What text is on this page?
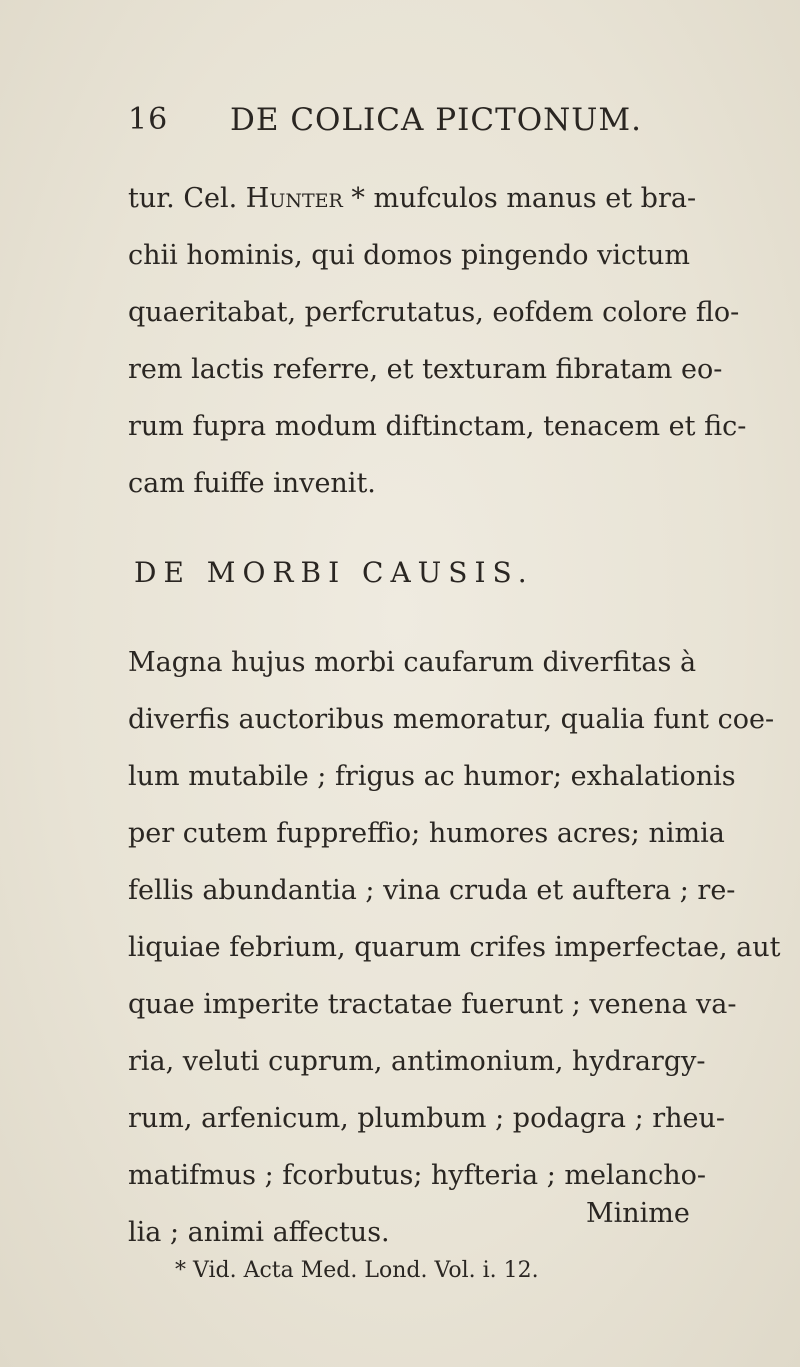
16 DE COLICA PICTONUM.
tur. Cel. Hunter * mufculos manus et bra-
chii hominis, qui domos pingendo victum
quaeritabat, perfcrutatus, eofdem colore flo-
rem lactis referre, et texturam fibratam eo-
rum fupra modum diftinctam, tenacem et fic-
cam fuiffe invenit.
DE MORBI CAUSIS.
Magna hujus morbi caufarum diverfitas à
diverfis auctoribus memoratur, qualia funt coe-
lum mutabile ; frigus ac humor; exhalationis
per cutem fuppreffio; humores acres; nimia
fellis abundantia ; vina cruda et auftera ; re-
liquiae febrium, quarum crifes imperfectae, aut
quae imperite tractatae fuerunt ; venena va-
ria, veluti cuprum, antimonium, hydrargy-
rum, arfenicum, plumbum ; podagra ; rheu-
matifmus ; fcorbutus; hyfteria ; melancho-
lia ; animi affectus.
Minime
* Vid. Acta Med. Lond. Vol. i. 12.
